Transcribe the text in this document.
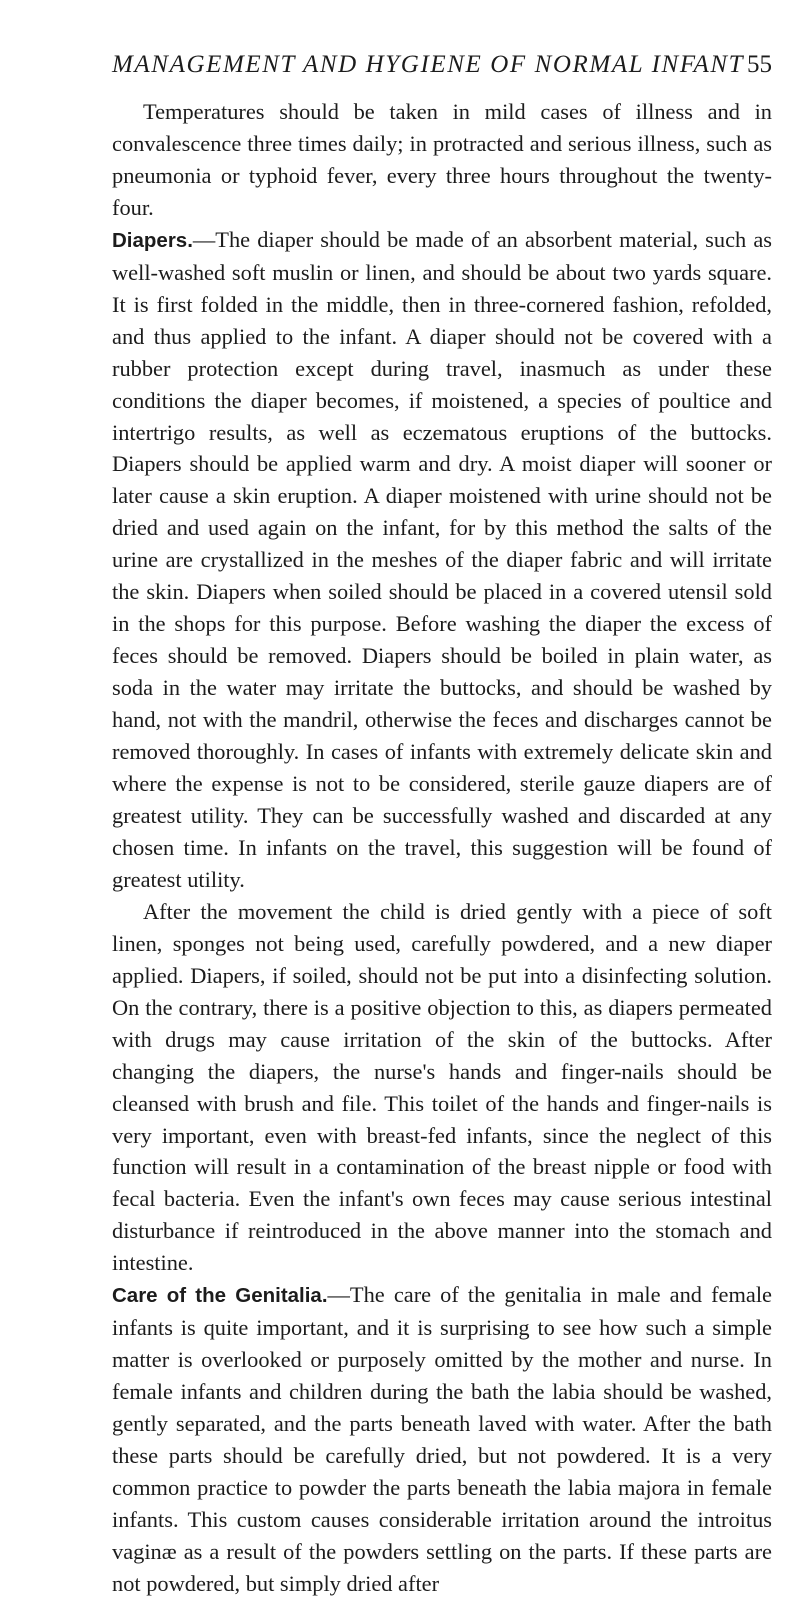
MANAGEMENT AND HYGIENE OF NORMAL INFANT 55

Temperatures should be taken in mild cases of illness and in convalescence three times daily; in protracted and serious illness, such as pneumonia or typhoid fever, every three hours throughout the twenty-four.

Diapers.—The diaper should be made of an absorbent material, such as well-washed soft muslin or linen, and should be about two yards square. It is first folded in the middle, then in three-cornered fashion, refolded, and thus applied to the infant. A diaper should not be covered with a rubber protection except during travel, inasmuch as under these conditions the diaper becomes, if moistened, a species of poultice and intertrigo results, as well as eczematous eruptions of the buttocks. Diapers should be applied warm and dry. A moist diaper will sooner or later cause a skin eruption. A diaper moistened with urine should not be dried and used again on the infant, for by this method the salts of the urine are crystallized in the meshes of the diaper fabric and will irritate the skin. Diapers when soiled should be placed in a covered utensil sold in the shops for this purpose. Before washing the diaper the excess of feces should be removed. Diapers should be boiled in plain water, as soda in the water may irritate the buttocks, and should be washed by hand, not with the mandril, otherwise the feces and discharges cannot be removed thoroughly. In cases of infants with extremely delicate skin and where the expense is not to be considered, sterile gauze diapers are of greatest utility. They can be successfully washed and discarded at any chosen time. In infants on the travel, this suggestion will be found of greatest utility.

After the movement the child is dried gently with a piece of soft linen, sponges not being used, carefully powdered, and a new diaper applied. Diapers, if soiled, should not be put into a disinfecting solution. On the contrary, there is a positive objection to this, as diapers permeated with drugs may cause irritation of the skin of the buttocks. After changing the diapers, the nurse's hands and finger-nails should be cleansed with brush and file. This toilet of the hands and finger-nails is very important, even with breast-fed infants, since the neglect of this function will result in a contamination of the breast nipple or food with fecal bacteria. Even the infant's own feces may cause serious intestinal disturbance if reintroduced in the above manner into the stomach and intestine.

Care of the Genitalia.—The care of the genitalia in male and female infants is quite important, and it is surprising to see how such a simple matter is overlooked or purposely omitted by the mother and nurse. In female infants and children during the bath the labia should be washed, gently separated, and the parts beneath laved with water. After the bath these parts should be carefully dried, but not powdered. It is a very common practice to powder the parts beneath the labia majora in female infants. This custom causes considerable irritation around the introitus vaginæ as a result of the powders settling on the parts. If these parts are not powdered, but simply dried after
